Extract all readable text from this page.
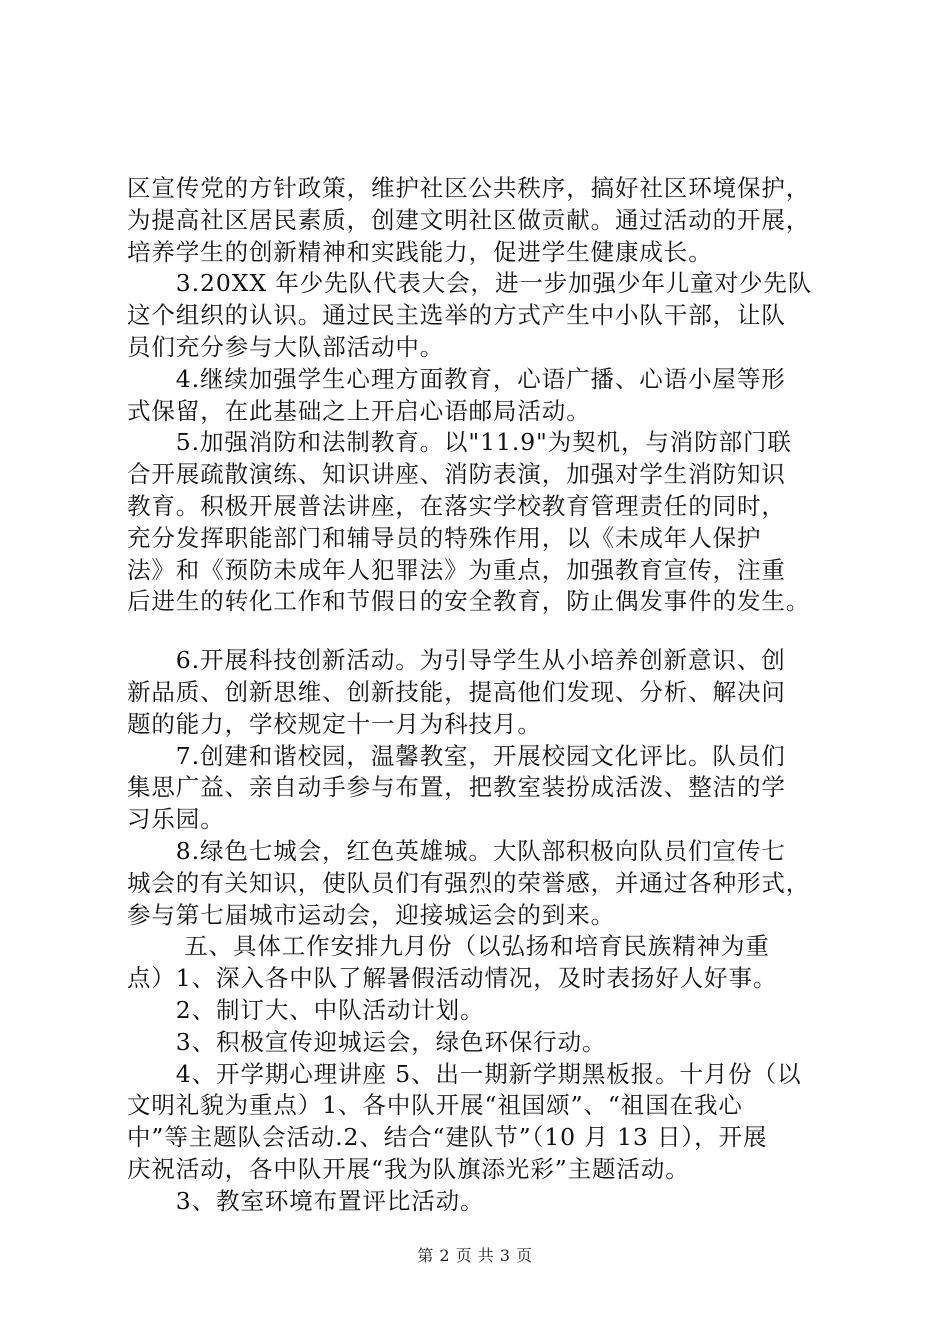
区宣传党的方针政策，维护社区公共秩序，搞好社区环境保护，
为提高社区居民素质，创建文明社区做贡献。通过活动的开展，
培养学生的创新精神和实践能力，促进学生健康成长。
　　3.20XX 年少先队代表大会，进一步加强少年儿童对少先队
这个组织的认识。通过民主选举的方式产生中小队干部，让队
员们充分参与大队部活动中。
　　4.继续加强学生心理方面教育，心语广播、心语小屋等形
式保留，在此基础之上开启心语邮局活动。
　　5.加强消防和法制教育。以"11.9"为契机，与消防部门联
合开展疏散演练、知识讲座、消防表演，加强对学生消防知识
教育。积极开展普法讲座，在落实学校教育管理责任的同时，
充分发挥职能部门和辅导员的特殊作用，以《未成年人保护
法》和《预防未成年人犯罪法》为重点，加强教育宣传，注重
后进生的转化工作和节假日的安全教育，防止偶发事件的发生。
　　6.开展科技创新活动。为引导学生从小培养创新意识、创
新品质、创新思维、创新技能，提高他们发现、分析、解决问
题的能力，学校规定十一月为科技月。
　　7.创建和谐校园，温馨教室，开展校园文化评比。队员们
集思广益、亲自动手参与布置，把教室装扮成活泼、整洁的学
习乐园。
　　8.绿色七城会，红色英雄城。大队部积极向队员们宣传七
城会的有关知识，使队员们有强烈的荣誉感，并通过各种形式，
参与第七届城市运动会，迎接城运会的到来。
　　 五、具体工作安排九月份（以弘扬和培育民族精神为重
点）1、深入各中队了解暑假活动情况，及时表扬好人好事。
　　2、制订大、中队活动计划。
　　3、积极宣传迎城运会，绿色环保行动。
　　4、开学期心理讲座 5、出一期新学期黑板报。十月份（以
文明礼貌为重点）1、各中队开展“祖国颂”、“祖国在我心
中”等主题队会活动.2、结合“建队节”（10 月 13 日），开展
庆祝活动，各中队开展“我为队旗添光彩”主题活动。
　　3、教室环境布置评比活动。
第 2 页 共 3 页
